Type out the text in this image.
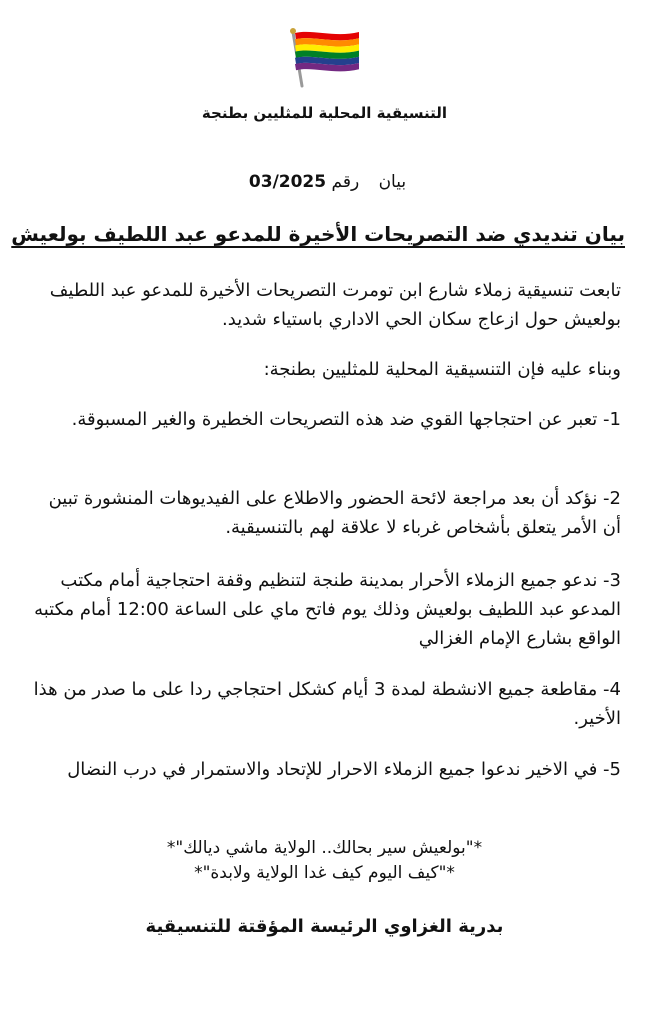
التنسيقية المحلية للمثليين بطنجة
بيان رقم 03/2025
بيان تنديدي ضد التصريحات الأخيرة للمدعو عبد اللطيف بولعيش
تابعت تنسيقية زملاء شارع ابن تومرت التصريحات الأخيرة للمدعو عبد اللطيف بولعيش حول ازعاج سكان الحي الاداري باستياء شديد.
وبناء عليه فإن التنسيقية المحلية للمثليين بطنجة:
1- تعبر عن احتجاجها القوي ضد هذه التصريحات الخطيرة والغير المسبوقة.
2- نؤكد أن بعد مراجعة لائحة الحضور والاطلاع على الفيديوهات المنشورة تبين أن الأمر يتعلق بأشخاص غرباء لا علاقة لهم بالتنسيقية.
3- ندعو جميع الزملاء الأحرار بمدينة طنجة لتنظيم وقفة احتجاجية أمام مكتب المدعو عبد اللطيف بولعيش وذلك يوم فاتح ماي على الساعة 12:00 أمام مكتبه الواقع بشارع الإمام الغزالي
4- مقاطعة جميع الانشطة لمدة 3 أيام كشكل احتجاجي ردا على ما صدر من هذا الأخير.
5- في الاخير ندعوا جميع الزملاء الاحرار للإتحاد والاستمرار في درب النضال
*"بولعيش سير بحالك.. الولاية ماشي ديالك"*
*"كيف اليوم كيف غدا الولاية ولابدة"*
بدرية الغزاوي الرئيسة المؤقتة للتنسيقية
